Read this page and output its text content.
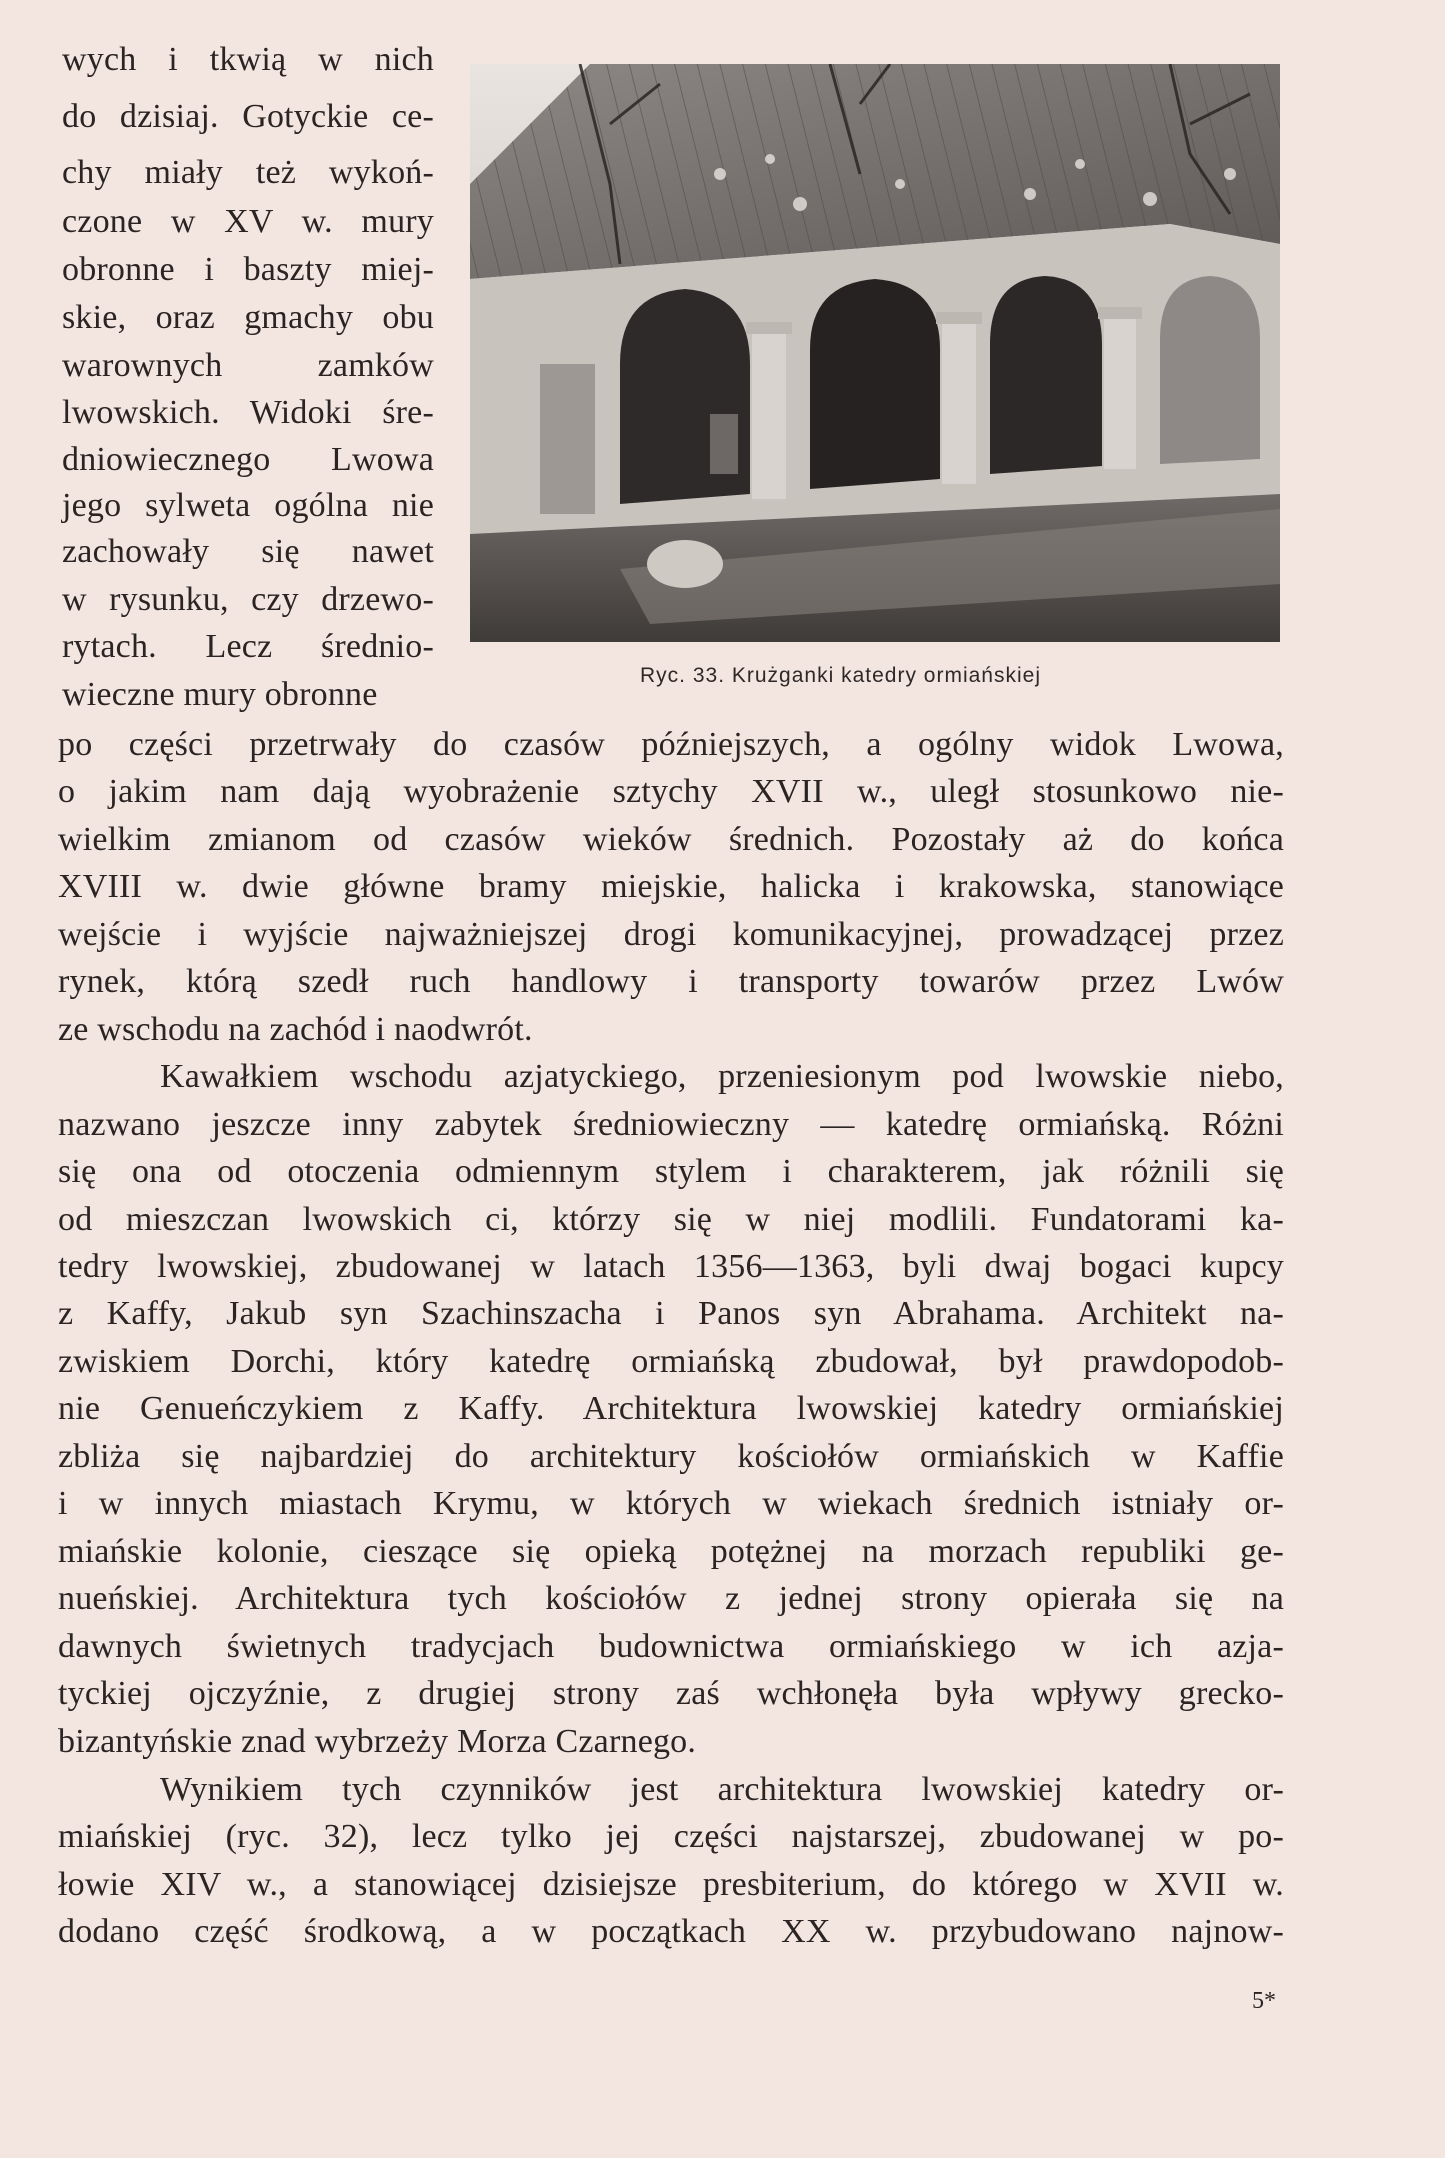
Ryc. 33. Krużganki katedry ormiańskiej
wych i tkwią w nich
do dzisiaj. Gotyckie ce-
chy miały też wykoń-
czone w XV w. mury
obronne i baszty miej-
skie, oraz gmachy obu
warownych zamków
lwowskich. Widoki śre-
dniowiecznego Lwowa
jego sylweta ogólna nie
zachowały się nawet
w rysunku, czy drzewo-
rytach. Lecz średnio-
wieczne mury obronne
po części przetrwały do czasów późniejszych, a ogólny widok Lwowa,
o jakim nam dają wyobrażenie sztychy XVII w., uległ stosunkowo nie-
wielkim zmianom od czasów wieków średnich. Pozostały aż do końca
XVIII w. dwie główne bramy miejskie, halicka i krakowska, stanowiące
wejście i wyjście najważniejszej drogi komunikacyjnej, prowadzącej przez
rynek, którą szedł ruch handlowy i transporty towarów przez Lwów
ze wschodu na zachód i naodwrót.
Kawałkiem wschodu azjatyckiego, przeniesionym pod lwowskie niebo,
nazwano jeszcze inny zabytek średniowieczny — katedrę ormiańską. Różni
się ona od otoczenia odmiennym stylem i charakterem, jak różnili się
od mieszczan lwowskich ci, którzy się w niej modlili. Fundatorami ka-
tedry lwowskiej, zbudowanej w latach 1356—1363, byli dwaj bogaci kupcy
z Kaffy, Jakub syn Szachinszacha i Panos syn Abrahama. Architekt na-
zwiskiem Dorchi, który katedrę ormiańską zbudował, był prawdopodob-
nie Genueńczykiem z Kaffy. Architektura lwowskiej katedry ormiańskiej
zbliża się najbardziej do architektury kościołów ormiańskich w Kaffie
i w innych miastach Krymu, w których w wiekach średnich istniały or-
miańskie kolonie, cieszące się opieką potężnej na morzach republiki ge-
nueńskiej. Architektura tych kościołów z jednej strony opierała się na
dawnych świetnych tradycjach budownictwa ormiańskiego w ich azja-
tyckiej ojczyźnie, z drugiej strony zaś wchłonęła była wpływy grecko-
bizantyńskie znad wybrzeży Morza Czarnego.
Wynikiem tych czynników jest architektura lwowskiej katedry or-
miańskiej (ryc. 32), lecz tylko jej części najstarszej, zbudowanej w po-
łowie XIV w., a stanowiącej dzisiejsze presbiterium, do którego w XVII w.
dodano część środkową, a w początkach XX w. przybudowano najnow-
5*
